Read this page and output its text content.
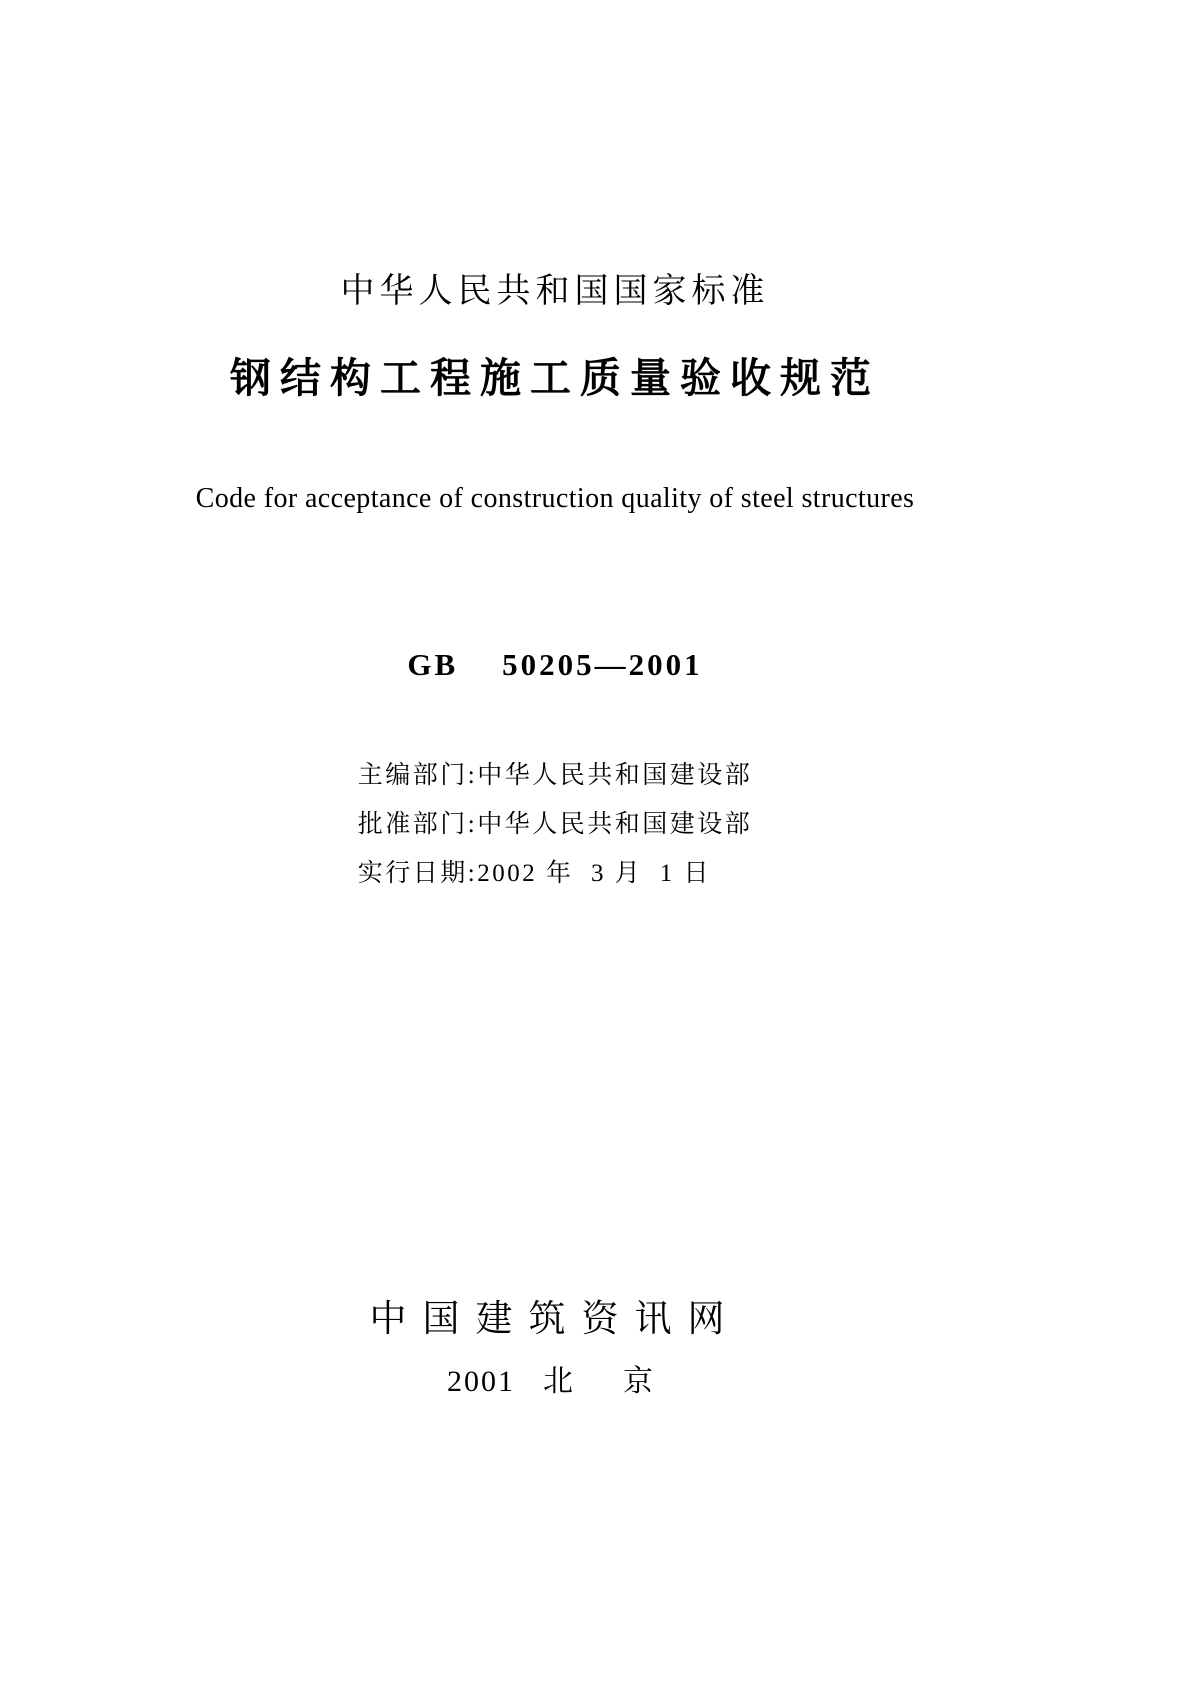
中华人民共和国国家标准
钢结构工程施工质量验收规范
Code for acceptance of construction quality of steel structures
GB 50205—2001
主编部门:中华人民共和国建设部
批准部门:中华人民共和国建设部
实行日期:2002 年  3 月  1 日
中国建筑资讯网
2001 北　京
